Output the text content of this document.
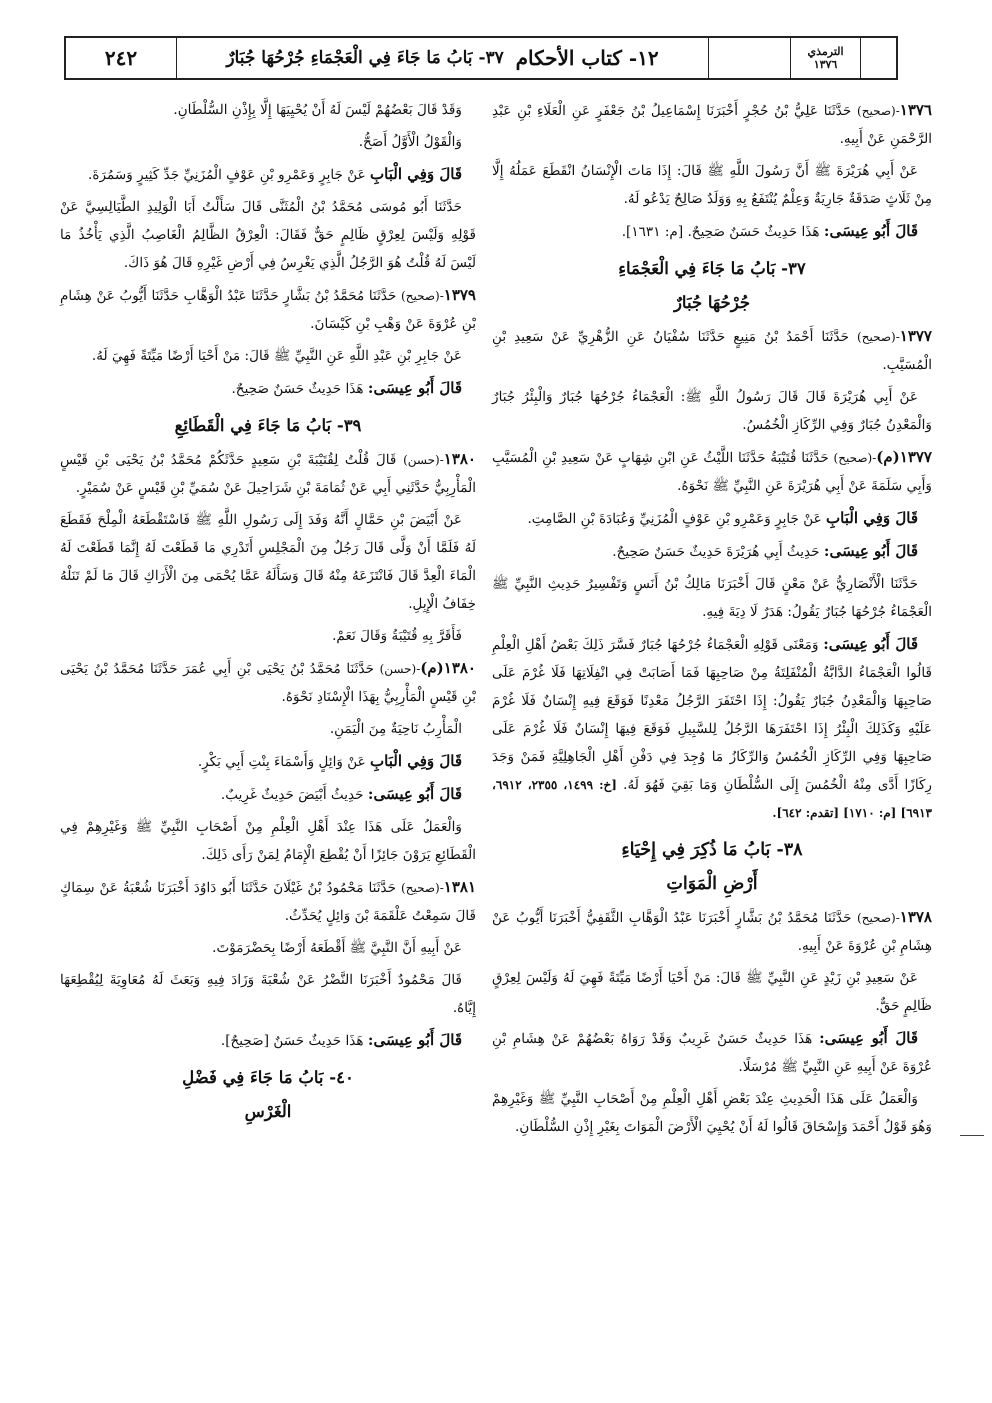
الترمذي
١٣٧٦
١٢- كتاب الأحكام

٣٧- بَابُ مَا جَاءَ فِي الْعَجْمَاءِ جُرْحُهَا جُبَارٌ
٢٤٢

١٣٧٦-(صحيح) حَدَّثَنَا عَلِيُّ بْنُ حُجْرٍ أَخْبَرَنَا إِسْمَاعِيلُ بْنُ جَعْفَرٍ عَنِ الْعَلَاءِ بْنِ عَبْدِ الرَّحْمَنِ عَنْ أَبِيهِ.

عَنْ أَبِي هُرَيْرَةَ ﷺ أَنَّ رَسُولَ اللَّهِ ﷺ قَالَ: إِذَا مَاتَ الْإِنْسَانُ انْقَطَعَ عَمَلُهُ إِلَّا مِنْ ثَلَاثٍ صَدَقَةٌ جَارِيَةٌ وَعِلْمٌ يُنْتَفَعُ بِهِ وَوَلَدٌ صَالِحٌ يَدْعُو لَهُ.

قَالَ أَبُو عِيسَى: هَذَا حَدِيثٌ حَسَنٌ صَحِيحٌ. [م: ١٦٣١].

٣٧- بَابُ مَا جَاءَ فِي الْعَجْمَاءِ
جُرْحُهَا جُبَارٌ

١٣٧٧-(صحيح) حَدَّثَنَا أَحْمَدُ بْنُ مَنِيعٍ حَدَّثَنَا سُفْيَانُ عَنِ الزُّهْرِيِّ عَنْ سَعِيدِ بْنِ الْمُسَيَّبِ.

عَنْ أَبِي هُرَيْرَةَ قَالَ قَالَ رَسُولُ اللَّهِ ﷺ: الْعَجْمَاءُ جُرْحُهَا جُبَارٌ وَالْبِئْرُ جُبَارٌ وَالْمَعْدِنُ جُبَارٌ وَفِي الرِّكَازِ الْخُمُسُ.

١٣٧٧(م)-(صحيح) حَدَّثَنَا قُتَيْبَةُ حَدَّثَنَا اللَّيْثُ عَنِ ابْنِ شِهَابٍ عَنْ سَعِيدِ بْنِ الْمُسَيَّبِ وَأَبِي سَلَمَةَ عَنْ أَبِي هُرَيْرَةَ عَنِ النَّبِيِّ ﷺ نَحْوَهُ.

قَالَ وَفِي الْبَابِ عَنْ جَابِرٍ وَعَمْرِو بْنِ عَوْفٍ الْمُزَنِيِّ وَعُبَادَةَ بْنِ الصَّامِتِ.

قَالَ أَبُو عِيسَى: حَدِيثُ أَبِي هُرَيْرَةَ حَدِيثٌ حَسَنٌ صَحِيحٌ.

حَدَّثَنَا الْأَنْصَارِيُّ عَنْ مَعْنٍ قَالَ أَخْبَرَنَا مَالِكُ بْنُ أَنَسٍ وَتَفْسِيرُ حَدِيثِ النَّبِيِّ ﷺ الْعَجْمَاءُ جُرْحُهَا جُبَارٌ يَقُولُ: هَدَرٌ لَا دِيَةَ فِيهِ.

قَالَ أَبُو عِيسَى: وَمَعْنَى قَوْلِهِ الْعَجْمَاءُ جُرْحُهَا جُبَارٌ فَسَّرَ ذَلِكَ بَعْضُ أَهْلِ الْعِلْمِ قَالُوا الْعَجْمَاءُ الدَّابَّةُ الْمُنْفَلِتَةُ مِنْ صَاحِبِهَا فَمَا أَصَابَتْ فِي انْفِلَاتِهَا فَلَا غُرْمَ عَلَى صَاحِبِهَا وَالْمَعْدِنُ جُبَارٌ يَقُولُ: إِذَا احْتَفَرَ الرَّجُلُ مَعْدِنًا فَوَقَعَ فِيهِ إِنْسَانٌ فَلَا غُرْمَ عَلَيْهِ وَكَذَلِكَ الْبِئْرُ إِذَا احْتَفَرَهَا الرَّجُلُ لِلسَّبِيلِ فَوَقَعَ فِيهَا إِنْسَانٌ فَلَا غُرْمَ عَلَى صَاحِبِهَا وَفِي الرِّكَازِ الْخُمُسُ وَالرِّكَازُ مَا وُجِدَ فِي دَفْنِ أَهْلِ الْجَاهِلِيَّةِ فَمَنْ وَجَدَ رِكَازًا أَدَّى مِنْهُ الْخُمُسَ إِلَى السُّلْطَانِ وَمَا بَقِيَ فَهُوَ لَهُ. [خ: ١٤٩٩، ٢٣٥٥، ٦٩١٢، ٦٩١٣] [م: ١٧١٠] [تقدم: ٦٤٢].

٣٨- بَابُ مَا ذُكِرَ فِي إِحْيَاءِ
أَرْضِ الْمَوَاتِ

١٣٧٨-(صحيح) حَدَّثَنَا مُحَمَّدُ بْنُ بَشَّارٍ أَخْبَرَنَا عَبْدُ الْوَهَّابِ الثَّقَفِيُّ أَخْبَرَنَا أَيُّوبُ عَنْ هِشَامِ بْنِ عُرْوَةَ عَنْ أَبِيهِ.

عَنْ سَعِيدِ بْنِ زَيْدٍ عَنِ النَّبِيِّ ﷺ قَالَ: مَنْ أَحْيَا أَرْضًا مَيِّتَةً فَهِيَ لَهُ وَلَيْسَ لِعِرْقٍ ظَالِمٍ حَقٌّ.

قَالَ أَبُو عِيسَى: هَذَا حَدِيثٌ حَسَنٌ غَرِيبٌ وَقَدْ رَوَاهُ بَعْضُهُمْ عَنْ هِشَامِ بْنِ عُرْوَةَ عَنْ أَبِيهِ عَنِ النَّبِيِّ ﷺ مُرْسَلًا.

وَالْعَمَلُ عَلَى هَذَا الْحَدِيثِ عِنْدَ بَعْضِ أَهْلِ الْعِلْمِ مِنْ أَصْحَابِ النَّبِيِّ ﷺ وَغَيْرِهِمْ وَهُوَ قَوْلُ أَحْمَدَ وَإِسْحَاقَ قَالُوا لَهُ أَنْ يُحْيِيَ الْأَرْضَ الْمَوَاتَ بِغَيْرِ إِذْنِ السُّلْطَانِ.

وَقَدْ قَالَ بَعْضُهُمْ لَيْسَ لَهُ أَنْ يُحْيِيَهَا إِلَّا بِإِذْنِ السُّلْطَانِ.

وَالْقَوْلُ الْأَوَّلُ أَصَحُّ.

قَالَ وَفِي الْبَابِ عَنْ جَابِرٍ وَعَمْرِو بْنِ عَوْفٍ الْمُزَنِيِّ جَدِّ كَثِيرٍ وَسَمُرَةَ.

حَدَّثَنَا أَبُو مُوسَى مُحَمَّدُ بْنُ الْمُثَنَّى قَالَ سَأَلْتُ أَبَا الْوَلِيدِ الطَّيَالِسِيَّ عَنْ قَوْلِهِ وَلَيْسَ لِعِرْقٍ ظَالِمٍ حَقٌّ فَقَالَ: الْعِرْقُ الظَّالِمُ الْغَاصِبُ الَّذِي يَأْخُذُ مَا لَيْسَ لَهُ قُلْتُ هُوَ الرَّجُلُ الَّذِي يَغْرِسُ فِي أَرْضِ غَيْرِهِ قَالَ هُوَ ذَاكَ.

١٣٧٩-(صحيح) حَدَّثَنَا مُحَمَّدُ بْنُ بَشَّارٍ حَدَّثَنَا عَبْدُ الْوَهَّابِ حَدَّثَنَا أَيُّوبُ عَنْ هِشَامِ بْنِ عُرْوَةَ عَنْ وَهْبِ بْنِ كَيْسَانَ.

عَنْ جَابِرِ بْنِ عَبْدِ اللَّهِ عَنِ النَّبِيِّ ﷺ قَالَ: مَنْ أَحْيَا أَرْضًا مَيِّتَةً فَهِيَ لَهُ.

قَالَ أَبُو عِيسَى: هَذَا حَدِيثٌ حَسَنٌ صَحِيحٌ.

٣٩- بَابُ مَا جَاءَ فِي الْقَطَائِعِ

١٣٨٠-(حسن) قَالَ قُلْتُ لِقُتَيْبَةَ بْنِ سَعِيدٍ حَدَّثَكُمْ مُحَمَّدُ بْنُ يَحْيَى بْنِ قَيْسٍ الْمَأْرِبِيُّ حَدَّثَنِي أَبِي عَنْ ثُمَامَةَ بْنِ شَرَاحِيلَ عَنْ سُمَيِّ بْنِ قَيْسٍ عَنْ سُمَيْرٍ.

عَنْ أَبْيَضَ بْنِ حَمَّالٍ أَنَّهُ وَفَدَ إِلَى رَسُولِ اللَّهِ ﷺ فَاسْتَقْطَعَهُ الْمِلْحَ فَقَطَعَ لَهُ فَلَمَّا أَنْ وَلَّى قَالَ رَجُلٌ مِنَ الْمَجْلِسِ أَتَدْرِي مَا قَطَعْتَ لَهُ إِنَّمَا قَطَعْتَ لَهُ الْمَاءَ الْعِدَّ قَالَ فَانْتَزَعَهُ مِنْهُ قَالَ وَسَأَلَهُ عَمَّا يُحْمَى مِنَ الْأَرَاكِ قَالَ مَا لَمْ تَنَلْهُ خِفَافُ الْإِبِلِ.

فَأَقَرَّ بِهِ قُتَيْبَةُ وَقَالَ نَعَمْ.

١٣٨٠(م)-(حسن) حَدَّثَنَا مُحَمَّدُ بْنُ يَحْيَى بْنِ أَبِي عُمَرَ حَدَّثَنَا مُحَمَّدُ بْنُ يَحْيَى بْنِ قَيْسٍ الْمَأْرِبِيُّ بِهَذَا الْإِسْنَادِ نَحْوَهُ.

الْمَأْرِبُ نَاحِيَةٌ مِنَ الْيَمَنِ.

قَالَ وَفِي الْبَابِ عَنْ وَائِلٍ وَأَسْمَاءَ بِنْتِ أَبِي بَكْرٍ.

قَالَ أَبُو عِيسَى: حَدِيثُ أَبْيَضَ حَدِيثٌ غَرِيبٌ.

وَالْعَمَلُ عَلَى هَذَا عِنْدَ أَهْلِ الْعِلْمِ مِنْ أَصْحَابِ النَّبِيِّ ﷺ وَغَيْرِهِمْ فِي الْقَطَائِعِ يَرَوْنَ جَائِزًا أَنْ يُقْطِعَ الْإِمَامُ لِمَنْ رَأَى ذَلِكَ.

١٣٨١-(صحيح) حَدَّثَنَا مَحْمُودُ بْنُ غَيْلَانَ حَدَّثَنَا أَبُو دَاوُدَ أَخْبَرَنَا شُعْبَةُ عَنْ سِمَاكٍ قَالَ سَمِعْتُ عَلْقَمَةَ بْنَ وَائِلٍ يُحَدِّثُ.

عَنْ أَبِيهِ أَنَّ النَّبِيَّ ﷺ أَقْطَعَهُ أَرْضًا بِحَضْرَمَوْتَ.

قَالَ مَحْمُودٌ أَخْبَرَنَا النَّضْرُ عَنْ شُعْبَةَ وَزَادَ فِيهِ وَبَعَثَ لَهُ مُعَاوِيَةَ لِيُقْطِعَهَا إِيَّاهُ.

قَالَ أَبُو عِيسَى: هَذَا حَدِيثٌ حَسَنٌ [صَحِيحٌ].

٤٠- بَابُ مَا جَاءَ فِي فَضْلِ
الْغَرْسِ
